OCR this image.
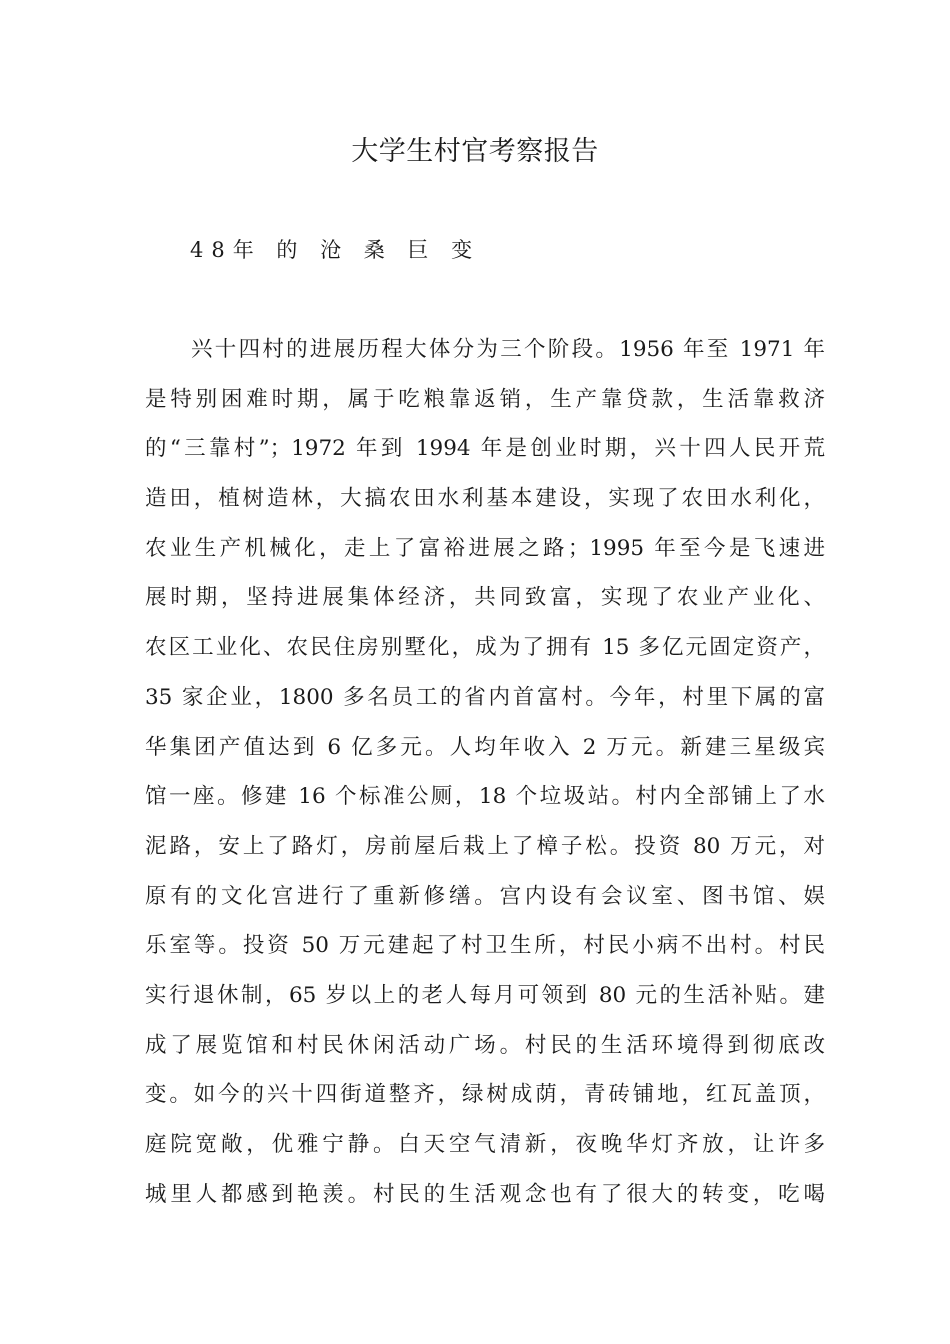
大学生村官考察报告
48年 的 沧 桑 巨 变
兴十四村的进展历程大体分为三个阶段。1956 年至 1971 年
是特别困难时期，属于吃粮靠返销，生产靠贷款，生活靠救济
的“三靠村”；1972 年到 1994 年是创业时期，兴十四人民开荒
造田，植树造林，大搞农田水利基本建设，实现了农田水利化，
农业生产机械化，走上了富裕进展之路；1995 年至今是飞速进
展时期，坚持进展集体经济，共同致富，实现了农业产业化、
农区工业化、农民住房别墅化，成为了拥有 15 多亿元固定资产，
35 家企业，1800 多名员工的省内首富村。今年，村里下属的富
华集团产值达到 6 亿多元。人均年收入 2 万元。新建三星级宾
馆一座。修建 16 个标准公厕，18 个垃圾站。村内全部铺上了水
泥路，安上了路灯，房前屋后栽上了樟子松。投资 80 万元，对
原有的文化宫进行了重新修缮。宫内设有会议室、图书馆、娱
乐室等。投资 50 万元建起了村卫生所，村民小病不出村。村民
实行退休制，65 岁以上的老人每月可领到 80 元的生活补贴。建
成了展览馆和村民休闲活动广场。村民的生活环境得到彻底改
变。如今的兴十四街道整齐，绿树成荫，青砖铺地，红瓦盖顶，
庭院宽敞，优雅宁静。白天空气清新，夜晚华灯齐放，让许多
城里人都感到艳羡。村民的生活观念也有了很大的转变，吃喝
